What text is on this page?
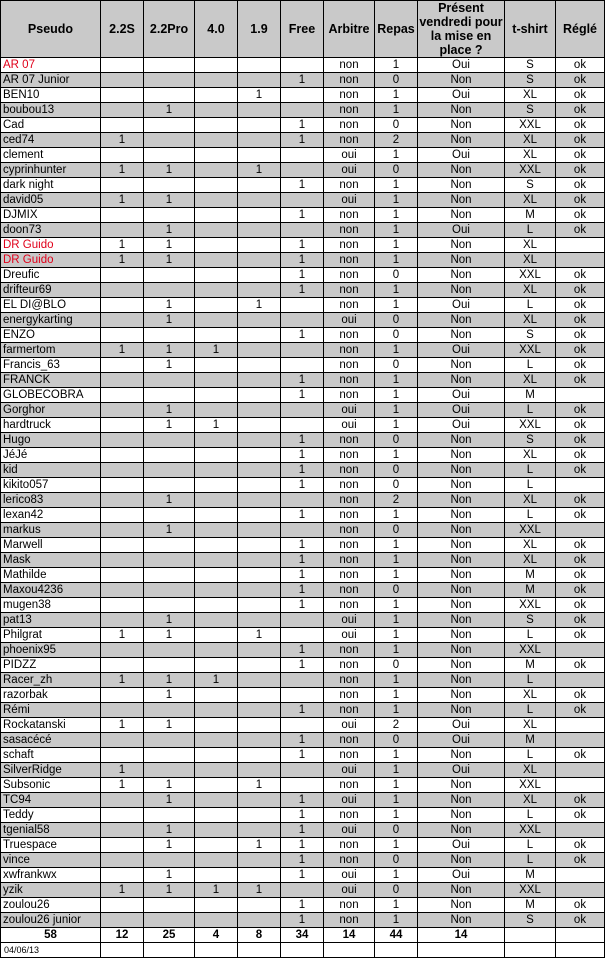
Pseudo	2.2S	2.2Pro	4.0	1.9	Free	Arbitre	Repas	Présent vendredi pour la mise en place ?	t-shirt	Réglé
AR 07						non	1	Oui	S	ok
AR 07 Junior					1	non	0	Non	S	ok
BEN10				1		non	1	Oui	XL	ok
boubou13		1				non	1	Non	S	ok
Cad					1	non	0	Non	XXL	ok
ced74	1				1	non	2	Non	XL	ok
clement						oui	1	Oui	XL	ok
cyprinhunter	1	1		1		oui	0	Non	XXL	ok
dark night					1	non	1	Non	S	ok
david05	1	1				oui	1	Non	XL	ok
DJMIX					1	non	1	Non	M	ok
doon73		1				non	1	Oui	L	ok
DR Guido	1	1			1	non	1	Non	XL	
DR Guido	1	1			1	non	1	Non	XL	
Dreufic					1	non	0	Non	XXL	ok
drifteur69					1	non	1	Non	XL	ok
EL DI@BLO		1		1		non	1	Oui	L	ok
energykarting		1				oui	0	Non	XL	ok
ENZO					1	non	0	Non	S	ok
farmertom	1	1	1			non	1	Oui	XXL	ok
Francis_63		1				non	0	Non	L	ok
FRANCK					1	non	1	Non	XL	ok
GLOBECOBRA					1	non	1	Oui	M	
Gorghor		1				oui	1	Oui	L	ok
hardtruck		1	1			oui	1	Oui	XXL	ok
Hugo					1	non	0	Non	S	ok
JéJé					1	non	1	Non	XL	ok
kid					1	non	0	Non	L	ok
kikito057					1	non	0	Non	L	
lerico83		1				non	2	Non	XL	ok
lexan42					1	non	1	Non	L	ok
markus		1				non	0	Non	XXL	
Marwell					1	non	1	Non	XL	ok
Mask					1	non	1	Non	XL	ok
Mathilde					1	non	1	Non	M	ok
Maxou4236					1	non	0	Non	M	ok
mugen38					1	non	1	Non	XXL	ok
pat13		1				oui	1	Non	S	ok
Philgrat	1	1		1		oui	1	Non	L	ok
phoenix95					1	non	1	Non	XXL	
PIDZZ					1	non	0	Non	M	ok
Racer_zh	1	1	1			non	1	Non	L	
razorbak		1				non	1	Non	XL	ok
Rémi					1	non	1	Non	L	ok
Rockatanski	1	1				oui	2	Oui	XL	
sasacécé					1	non	0	Oui	M	
schaft					1	non	1	Non	L	ok
SilverRidge	1					oui	1	Oui	XL	
Subsonic	1	1		1		non	1	Non	XXL	
TC94		1			1	oui	1	Non	XL	ok
Teddy					1	non	1	Non	L	ok
tgenial58		1			1	oui	0	Non	XXL	
Truespace		1		1	1	non	1	Oui	L	ok
vince					1	non	0	Non	L	ok
xwfrankwx		1			1	oui	1	Oui	M	
yzik	1	1	1	1		oui	0	Non	XXL	
zoulou26					1	non	1	Non	M	ok
zoulou26 junior					1	non	1	Non	S	ok
58	12	25	4	8	34	14	44	14		
04/06/13										
